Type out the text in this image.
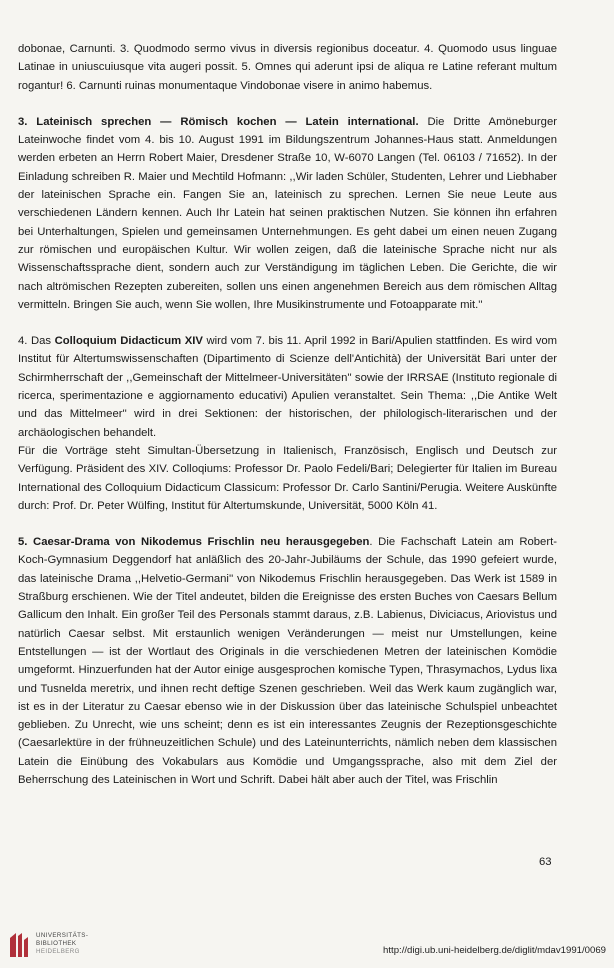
dobonae, Carnunti. 3. Quodmodo sermo vivus in diversis regionibus doceatur. 4. Quomodo usus linguae Latinae in uniuscuiusque vita augeri possit. 5. Omnes qui aderunt ipsi de aliqua re Latine referant multum rogantur! 6. Carnunti ruinas monumentaque Vindobonae visere in animo habemus.

3. Lateinisch sprechen — Römisch kochen — Latein international. Die Dritte Amöneburger Lateinwoche findet vom 4. bis 10. August 1991 im Bildungszentrum Johannes-Haus statt. Anmeldungen werden erbeten an Herrn Robert Maier, Dresdener Straße 10, W-6070 Langen (Tel. 06103 / 71652). In der Einladung schreiben R. Maier und Mechtild Hofmann: ,,Wir laden Schüler, Studenten, Lehrer und Liebhaber der lateinischen Sprache ein. Fangen Sie an, lateinisch zu sprechen. Lernen Sie neue Leute aus verschiedenen Ländern kennen. Auch Ihr Latein hat seinen praktischen Nutzen. Sie können ihn erfahren bei Unterhaltungen, Spielen und gemeinsamen Unternehmungen. Es geht dabei um einen neuen Zugang zur römischen und europäischen Kultur. Wir wollen zeigen, daß die lateinische Sprache nicht nur als Wissenschaftssprache dient, sondern auch zur Verständigung im täglichen Leben. Die Gerichte, die wir nach altrömischen Rezepten zubereiten, sollen uns einen angenehmen Bereich aus dem römischen Alltag vermitteln. Bringen Sie auch, wenn Sie wollen, Ihre Musikinstrumente und Fotoapparate mit.''

4. Das Colloquium Didacticum XIV wird vom 7. bis 11. April 1992 in Bari/Apulien stattfinden. Es wird vom Institut für Altertumswissenschaften (Dipartimento di Scienze dell'Antichità) der Universität Bari unter der Schirmherrschaft der ,,Gemeinschaft der Mittelmeer-Universitäten'' sowie der IRRSAE (Instituto regionale di ricerca, sperimentazione e aggiornamento educativi) Apulien veranstaltet. Sein Thema: ,,Die Antike Welt und das Mittelmeer'' wird in drei Sektionen: der historischen, der philologisch-literarischen und der archäologischen behandelt.

Für die Vorträge steht Simultan-Übersetzung in Italienisch, Französisch, Englisch und Deutsch zur Verfügung. Präsident des XIV. Colloqiums: Professor Dr. Paolo Fedeli/Bari; Delegierter für Italien im Bureau International des Colloquium Didacticum Classicum: Professor Dr. Carlo Santini/Perugia. Weitere Auskünfte durch: Prof. Dr. Peter Wülfing, Institut für Altertumskunde, Universität, 5000 Köln 41.

5. Caesar-Drama von Nikodemus Frischlin neu herausgegeben. Die Fachschaft Latein am Robert-Koch-Gymnasium Deggendorf hat anläßlich des 20-Jahr-Jubiläums der Schule, das 1990 gefeiert wurde, das lateinische Drama ,,Helvetio-Germani'' von Nikodemus Frischlin herausgegeben. Das Werk ist 1589 in Straßburg erschienen. Wie der Titel andeutet, bilden die Ereignisse des ersten Buches von Caesars Bellum Gallicum den Inhalt. Ein großer Teil des Personals stammt daraus, z.B. Labienus, Diviciacus, Ariovistus und natürlich Caesar selbst. Mit erstaunlich wenigen Veränderungen — meist nur Umstellungen, keine Entstellungen — ist der Wortlaut des Originals in die verschiedenen Metren der lateinischen Komödie umgeformt. Hinzuerfunden hat der Autor einige ausgesprochen komische Typen, Thrasymachos, Lydus lixa und Tusnelda meretrix, und ihnen recht deftige Szenen geschrieben. Weil das Werk kaum zugänglich war, ist es in der Literatur zu Caesar ebenso wie in der Diskussion über das lateinische Schulspiel unbeachtet geblieben. Zu Unrecht, wie uns scheint; denn es ist ein interessantes Zeugnis der Rezeptionsgeschichte (Caesarlektüre in der frühneuzeitlichen Schule) und des Lateinunterrichts, nämlich neben dem klassischen Latein die Einübung des Vokabulars aus Komödie und Umgangssprache, also mit dem Ziel der Beherrschung des Lateinischen in Wort und Schrift. Dabei hält aber auch der Titel, was Frischlin

63
UNIVERSITÄTS-
BIBLIOTHEK
HEIDELBERG	http://digi.ub.uni-heidelberg.de/diglit/mdav1991/0069
